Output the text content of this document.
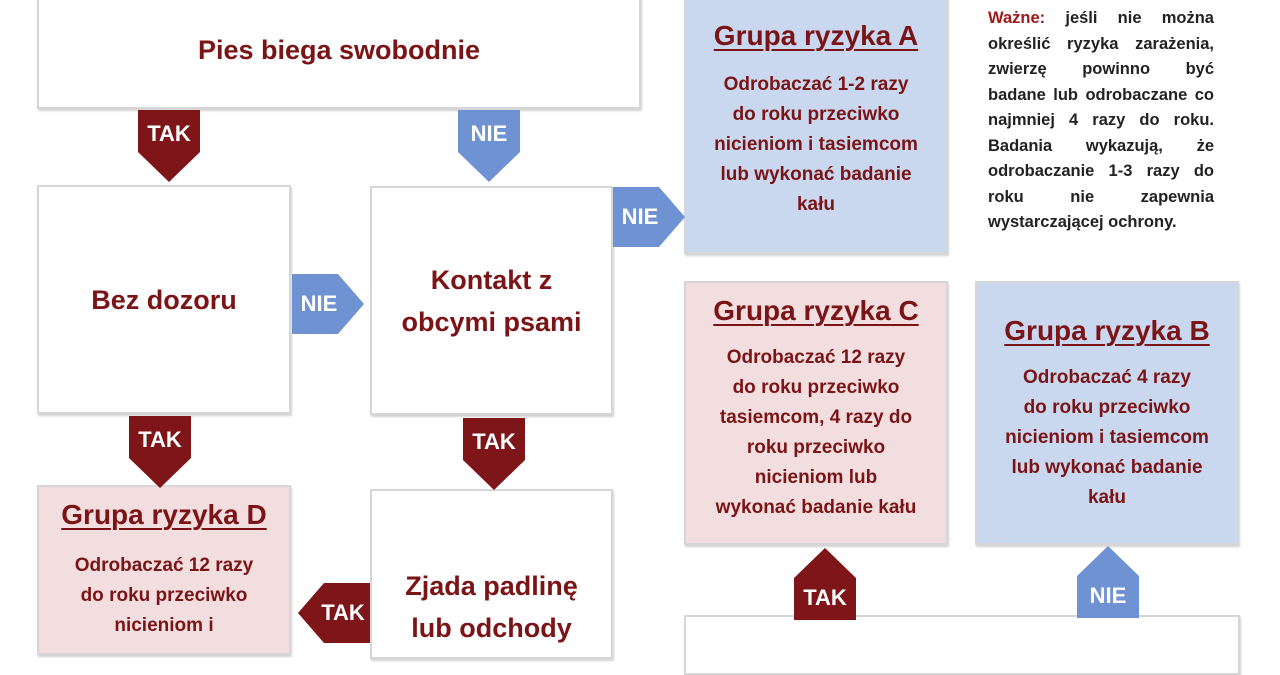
Pies biega swobodnie
Bez dozoru
Kontakt z
obcymi psami
Grupa ryzyka D
Odrobaczać 12 razy
do roku przeciwko
nicieniom i
Zjada padlinę
lub odchody
Grupa ryzyka A
Odrobaczać 1-2 razy
do roku przeciwko
nicieniom i tasiemcom
lub wykonać badanie
kału
Ważne: jeśli nie można określić ryzyka zarażenia, zwierzę powinno być badane lub odrobaczane co najmniej 4 razy do roku. Badania wykazują, że odrobaczanie 1-3 razy do roku nie zapewnia wystarczającej ochrony.
Grupa ryzyka C
Odrobaczać 12 razy
do roku przeciwko
tasiemcom, 4 razy do
roku przeciwko
nicieniom lub
wykonać badanie kału
Grupa ryzyka B
Odrobaczać 4 razy
do roku przeciwko
nicieniom i tasiemcom
lub wykonać badanie
kału
TAK	NIE
TAK	TAK
NIE
NIE
TAK
TAK	NIE
